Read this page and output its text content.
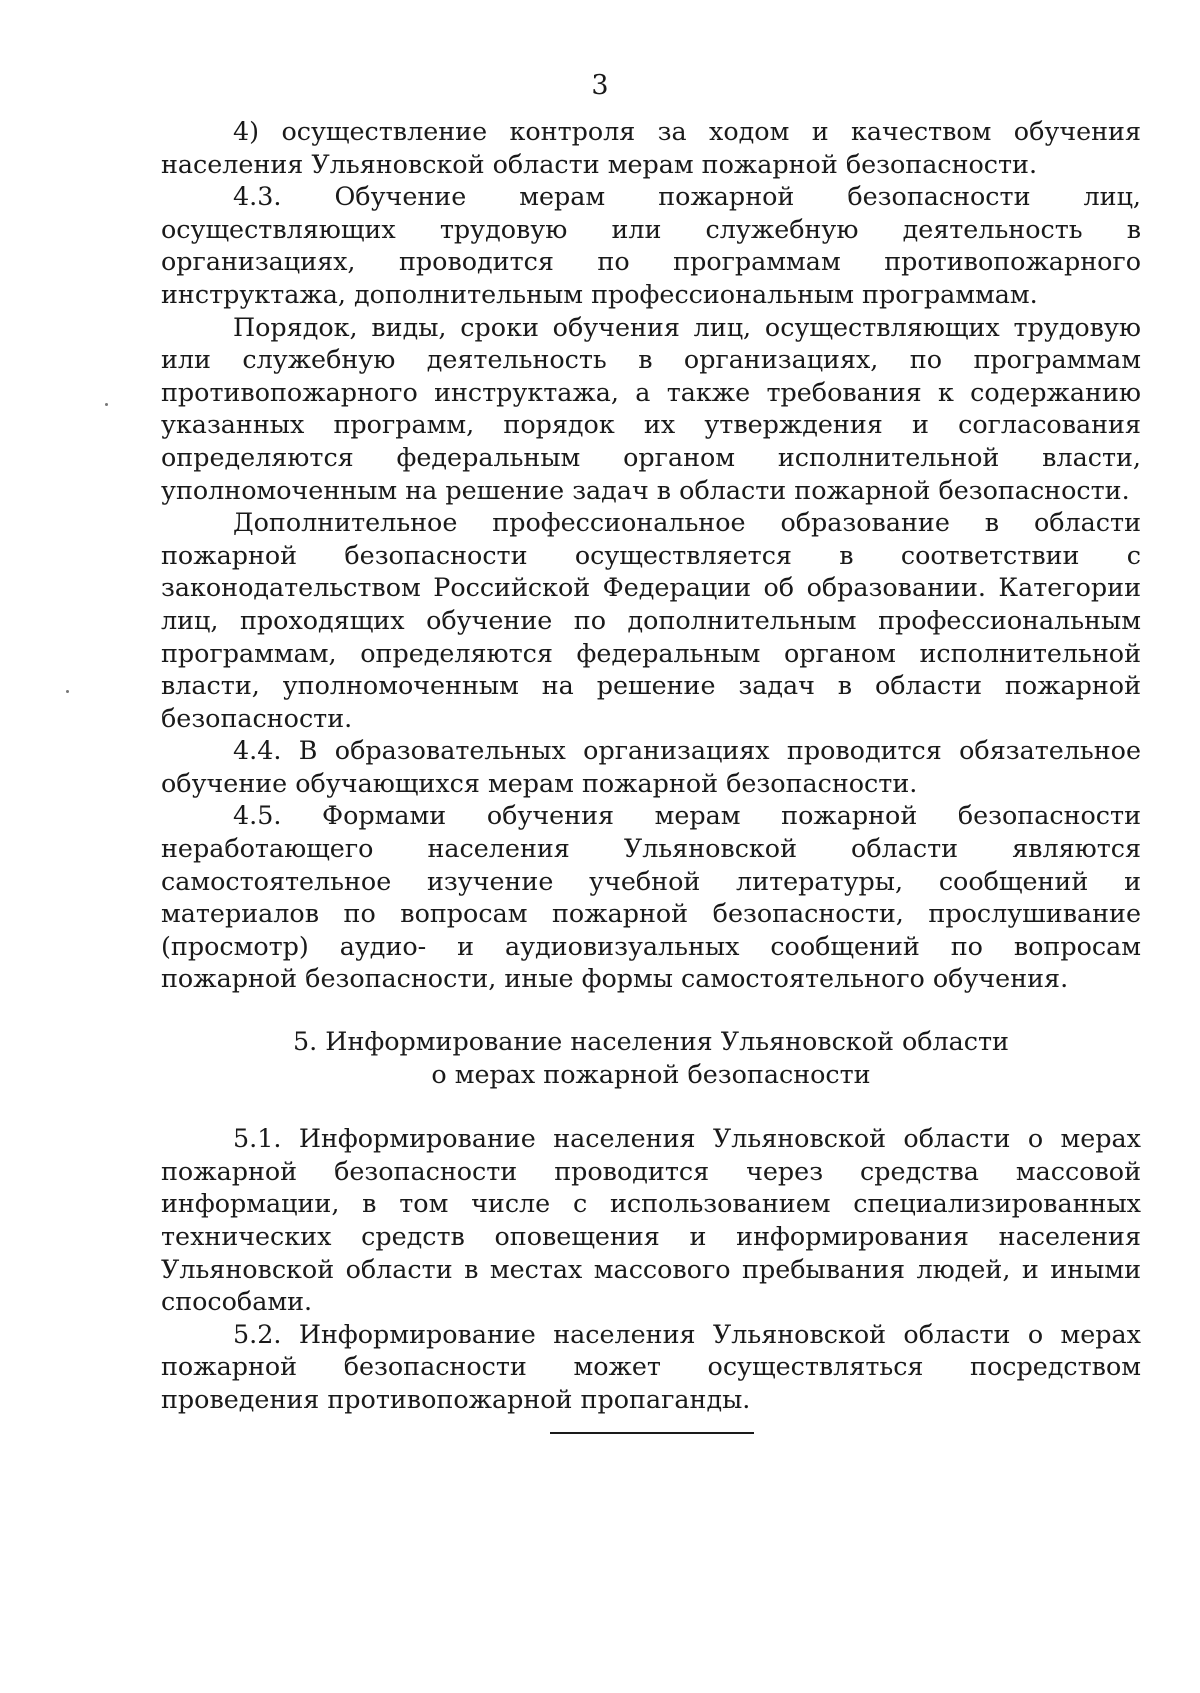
3

4) осуществление контроля за ходом и качеством обучения населения Ульяновской области мерам пожарной безопасности.

4.3. Обучение мерам пожарной безопасности лиц, осуществляющих трудовую или служебную деятельность в организациях, проводится по программам противопожарного инструктажа, дополнительным профессиональным программам.

Порядок, виды, сроки обучения лиц, осуществляющих трудовую или служебную деятельность в организациях, по программам противопожарного инструктажа, а также требования к содержанию указанных программ, порядок их утверждения и согласования определяются федеральным органом исполнительной власти, уполномоченным на решение задач в области пожарной безопасности.

Дополнительное профессиональное образование в области пожарной безопасности осуществляется в соответствии с законодательством Российской Федерации об образовании. Категории лиц, проходящих обучение по дополнительным профессиональным программам, определяются федеральным органом исполнительной власти, уполномоченным на решение задач в области пожарной безопасности.

4.4. В образовательных организациях проводится обязательное обучение обучающихся мерам пожарной безопасности.

4.5. Формами обучения мерам пожарной безопасности неработающего населения Ульяновской области являются самостоятельное изучение учебной литературы, сообщений и материалов по вопросам пожарной безопасности, прослушивание (просмотр) аудио- и аудиовизуальных сообщений по вопросам пожарной безопасности, иные формы самостоятельного обучения.

5. Информирование населения Ульяновской области
о мерах пожарной безопасности

5.1. Информирование населения Ульяновской области о мерах пожарной безопасности проводится через средства массовой информации, в том числе с использованием специализированных технических средств оповещения и информирования населения Ульяновской области в местах массового пребывания людей, и иными способами.

5.2. Информирование населения Ульяновской области о мерах пожарной безопасности может осуществляться посредством проведения противопожарной пропаганды.
